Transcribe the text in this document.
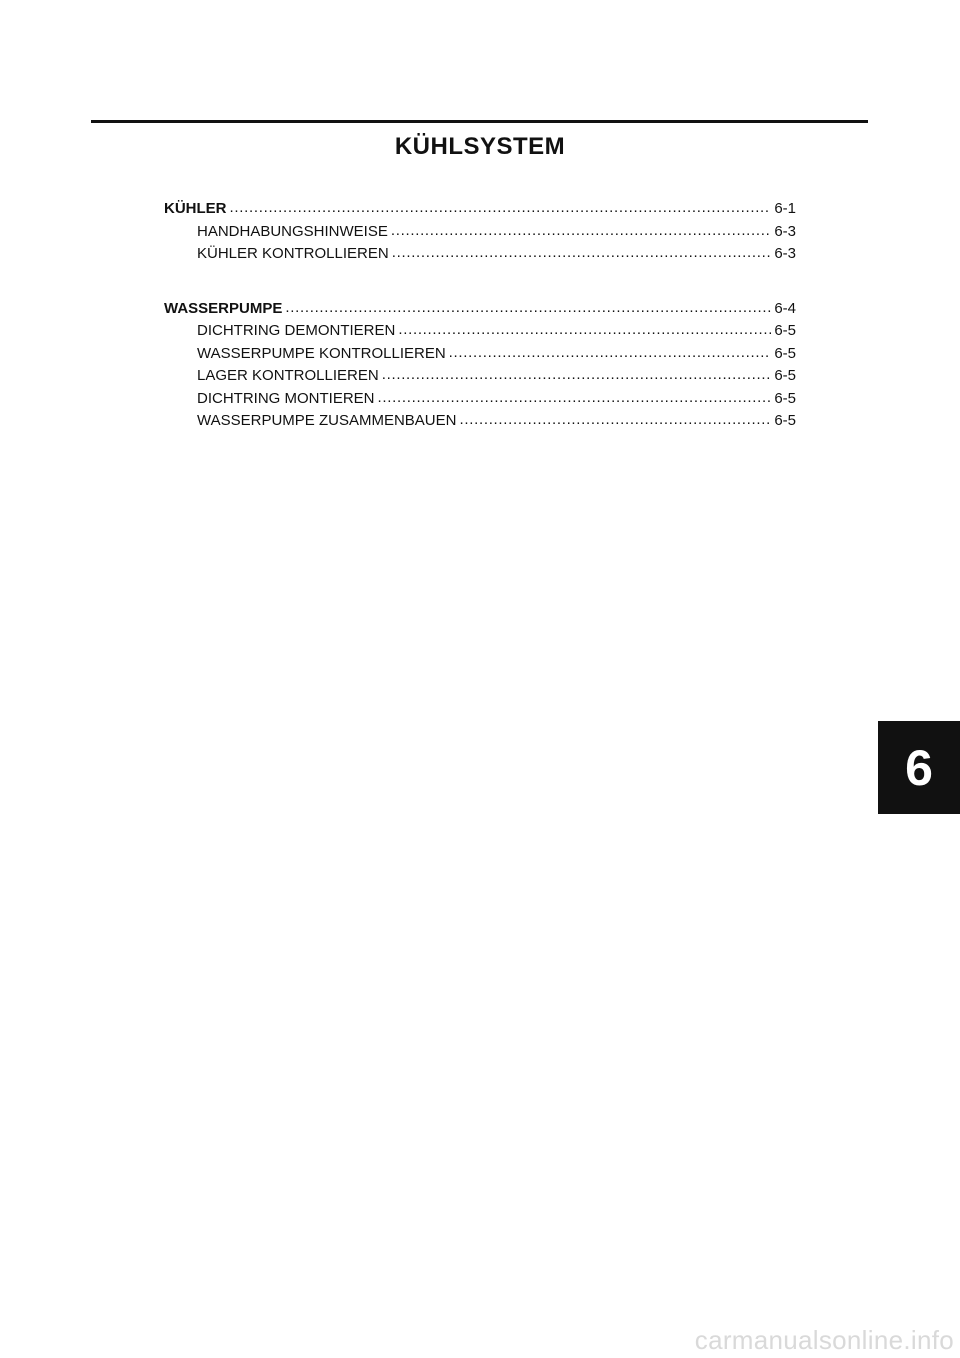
KÜHLSYSTEM
KÜHLER .....	6-1
HANDHABUNGSHINWEISE .....	6-3
KÜHLER KONTROLLIEREN .....	6-3
WASSERPUMPE .....	6-4
DICHTRING DEMONTIEREN .....	6-5
WASSERPUMPE KONTROLLIEREN .....	6-5
LAGER KONTROLLIEREN .....	6-5
DICHTRING MONTIEREN .....	6-5
WASSERPUMPE ZUSAMMENBAUEN .....	6-5
6
carmanualsonline.info
